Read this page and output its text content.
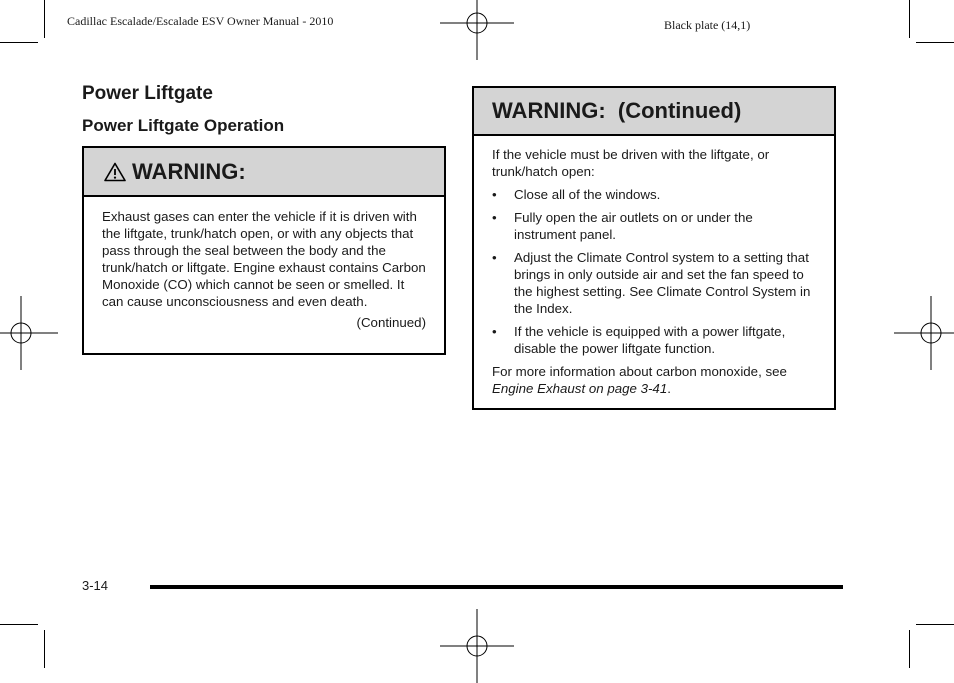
Cadillac Escalade/Escalade ESV Owner Manual - 2010	Black plate (14,1)
Power Liftgate
Power Liftgate Operation
WARNING:
Exhaust gases can enter the vehicle if it is driven with the liftgate, trunk/hatch open, or with any objects that pass through the seal between the body and the trunk/hatch or liftgate. Engine exhaust contains Carbon Monoxide (CO) which cannot be seen or smelled. It can cause unconsciousness and even death.
(Continued)
WARNING:  (Continued)
If the vehicle must be driven with the liftgate, or trunk/hatch open:
•	Close all of the windows.
•	Fully open the air outlets on or under the instrument panel.
•	Adjust the Climate Control system to a setting that brings in only outside air and set the fan speed to the highest setting. See Climate Control System in the Index.
•	If the vehicle is equipped with a power liftgate, disable the power liftgate function.
For more information about carbon monoxide, see
Engine Exhaust on page 3-41.
3-14
